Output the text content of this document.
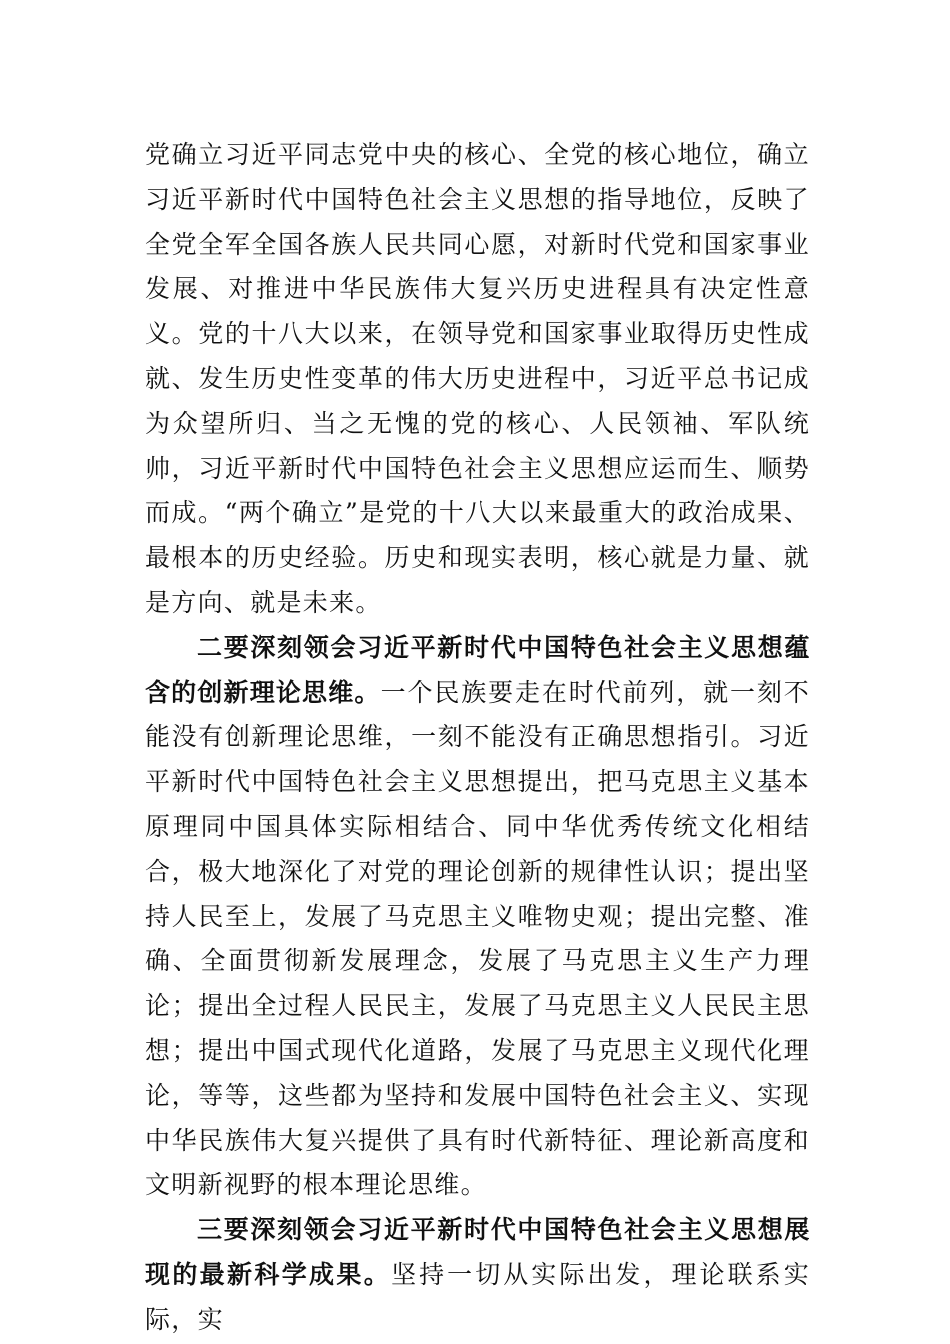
党确立习近平同志党中央的核心、全党的核心地位，确立习近平新时代中国特色社会主义思想的指导地位，反映了全党全军全国各族人民共同心愿，对新时代党和国家事业发展、对推进中华民族伟大复兴历史进程具有决定性意义。党的十八大以来，在领导党和国家事业取得历史性成就、发生历史性变革的伟大历史进程中，习近平总书记成为众望所归、当之无愧的党的核心、人民领袖、军队统帅，习近平新时代中国特色社会主义思想应运而生、顺势而成。“两个确立”是党的十八大以来最重大的政治成果、最根本的历史经验。历史和现实表明，核心就是力量、就是方向、就是未来。

二要深刻领会习近平新时代中国特色社会主义思想蕴含的创新理论思维。一个民族要走在时代前列，就一刻不能没有创新理论思维，一刻不能没有正确思想指引。习近平新时代中国特色社会主义思想提出，把马克思主义基本原理同中国具体实际相结合、同中华优秀传统文化相结合，极大地深化了对党的理论创新的规律性认识；提出坚持人民至上，发展了马克思主义唯物史观；提出完整、准确、全面贯彻新发展理念，发展了马克思主义生产力理论；提出全过程人民民主，发展了马克思主义人民民主思想；提出中国式现代化道路，发展了马克思主义现代化理论，等等，这些都为坚持和发展中国特色社会主义、实现中华民族伟大复兴提供了具有时代新特征、理论新高度和文明新视野的根本理论思维。

三要深刻领会习近平新时代中国特色社会主义思想展现的最新科学成果。坚持一切从实际出发，理论联系实际，实
